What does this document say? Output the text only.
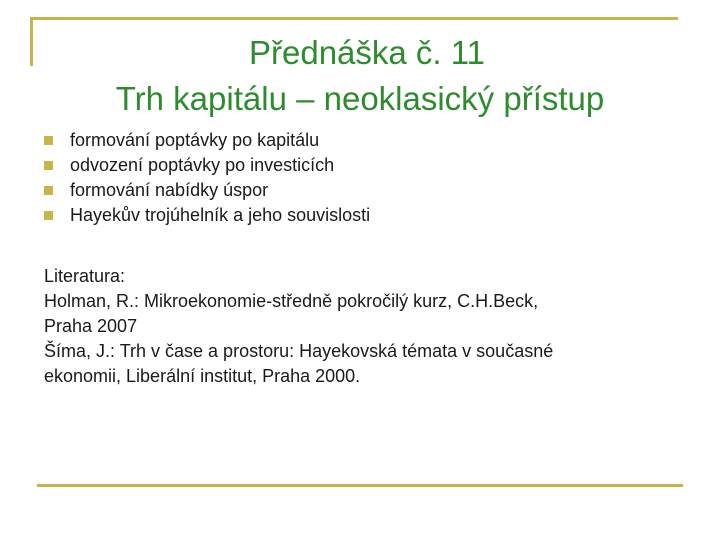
Přednáška č. 11
Trh kapitálu – neoklasický přístup
formování poptávky po kapitálu
odvození poptávky po investicích
formování nabídky úspor
Hayekův trojúhelník a jeho souvislosti
Literatura:
Holman, R.: Mikroekonomie-středně pokročilý kurz, C.H.Beck,
Praha 2007
Šíma, J.: Trh v čase a prostoru: Hayekovská témata v současné
ekonomii, Liberální institut, Praha 2000.
